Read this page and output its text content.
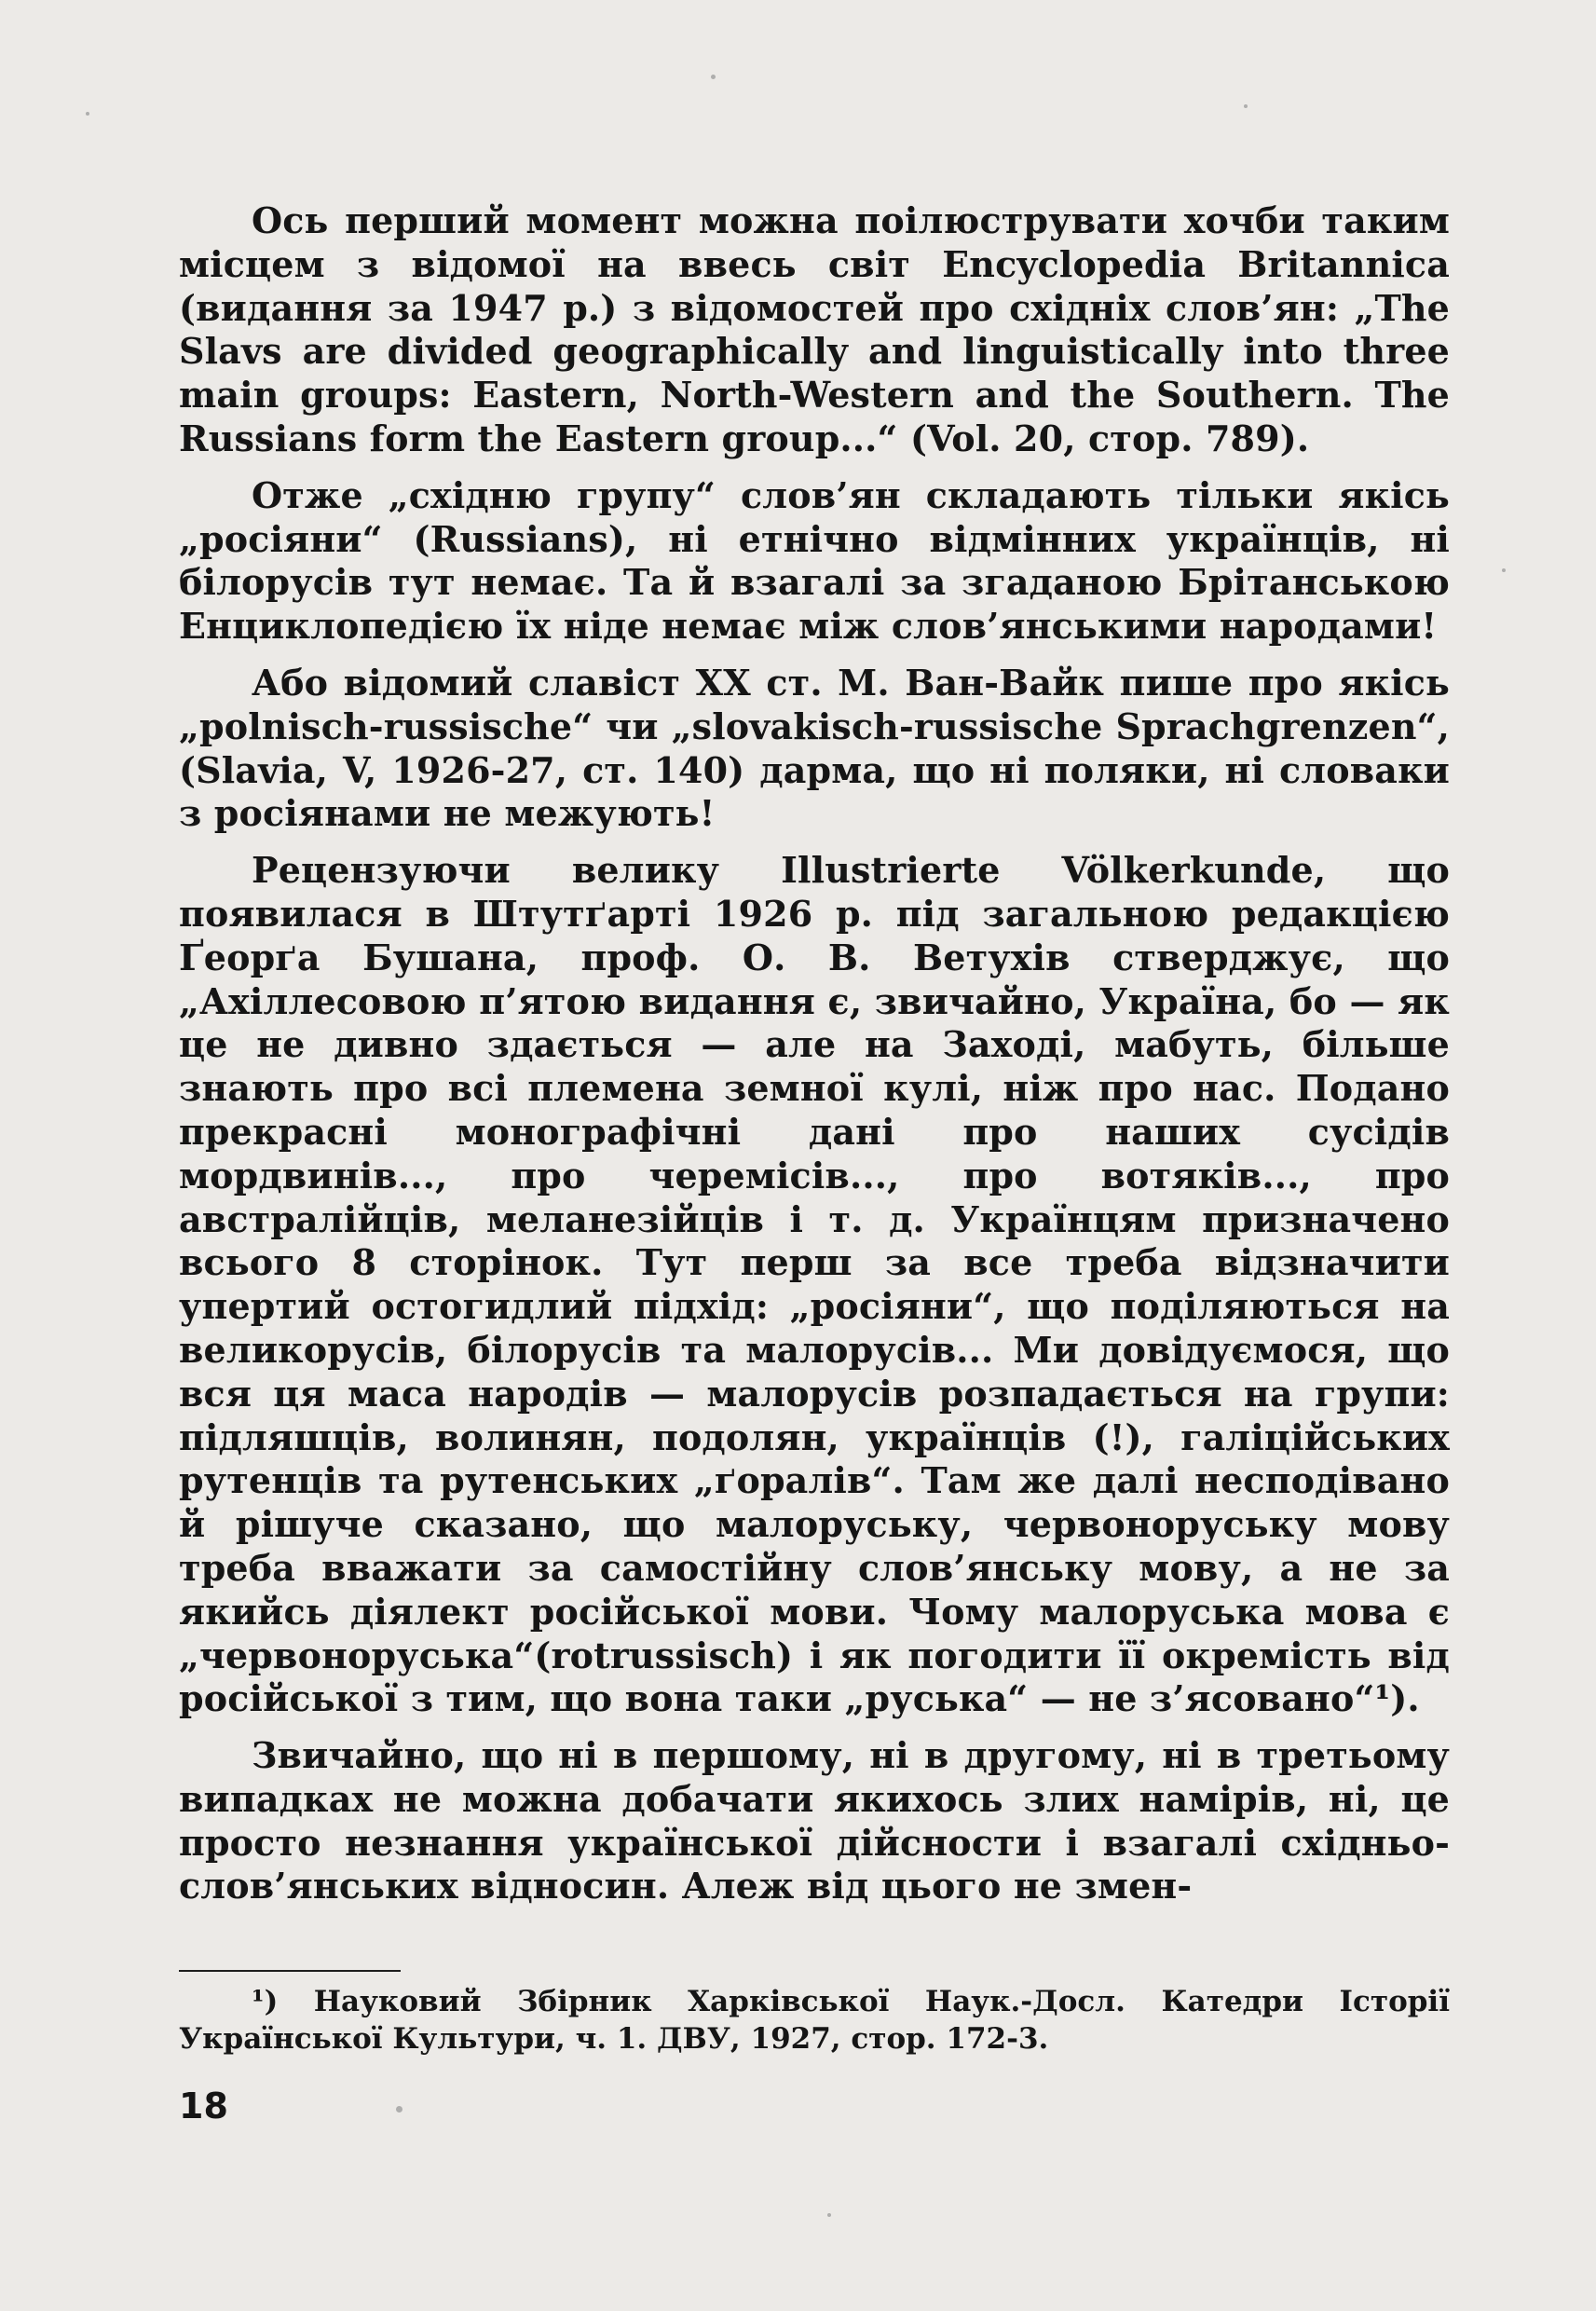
Ось перший момент можна поілюструвати хочби таким місцем з відомої на ввесь світ Encyclopedia Britannica (видання за 1947 р.) з відомостей про східніх слов’ян: „The Slavs are divided geographically and linguistically into three main groups: Eastern, North-Western and the Southern. The Russians form the Eastern group...“ (Vol. 20, стор. 789).

Отже „східню групу“ слов’ян складають тільки якісь „росіяни“ (Russians), ні етнічно відмінних українців, ні білорусів тут немає. Та й взагалі за згаданою Брітанською Енциклопедією їх ніде немає між слов’янськими народами!

Або відомий славіст XX ст. М. Ван-Вайк пише про якісь „polnisch-russische“ чи „slovakisch-russische Sprachgrenzen“, (Slavia, V, 1926-27, ст. 140) дарма, що ні поляки, ні словаки з росіянами не межують!

Рецензуючи велику Illustrierte Völkerkunde, що появилася в Штутґарті 1926 р. під загальною редакцією Ґеорґа Бушана, проф. О. В. Ветухів стверджує, що „Ахіллесовою п’ятою видання є, звичайно, Україна, бо — як це не дивно здається — але на Заході, мабуть, більше знають про всі племена земної кулі, ніж про нас. Подано прекрасні монографічні дані про наших сусідів мордвинів..., про черемісів..., про вотяків..., про австралійців, меланезійців і т. д. Українцям призначено всього 8 сторінок. Тут перш за все треба відзначити упертий остогидлий підхід: „росіяни“, що поділяються на великорусів, білорусів та малорусів... Ми довідуємося, що вся ця маса народів — малорусів розпадається на групи: підляшців, волинян, подолян, українців (!), галіційських рутенців та рутенських „ґоралів“. Там же далі несподівано й рішуче сказано, що малоруську, червоноруську мову треба вважати за самостійну слов’янську мову, а не за якийсь діялект російської мови. Чому малоруська мова є „червоноруська“(rotrussisch) і як погодити її окремість від російської з тим, що вона таки „руська“ — не з’ясовано“¹).

Звичайно, що ні в першому, ні в другому, ні в третьому випадках не можна добачати якихось злих намірів, ні, це просто незнання української дійсности і взагалі східньо-слов’янських відносин. Алеж від цього не змен-

¹) Науковий Збірник Харківської Наук.-Досл. Катедри Історії Української Культури, ч. 1. ДВУ, 1927, стор. 172-3.
18
